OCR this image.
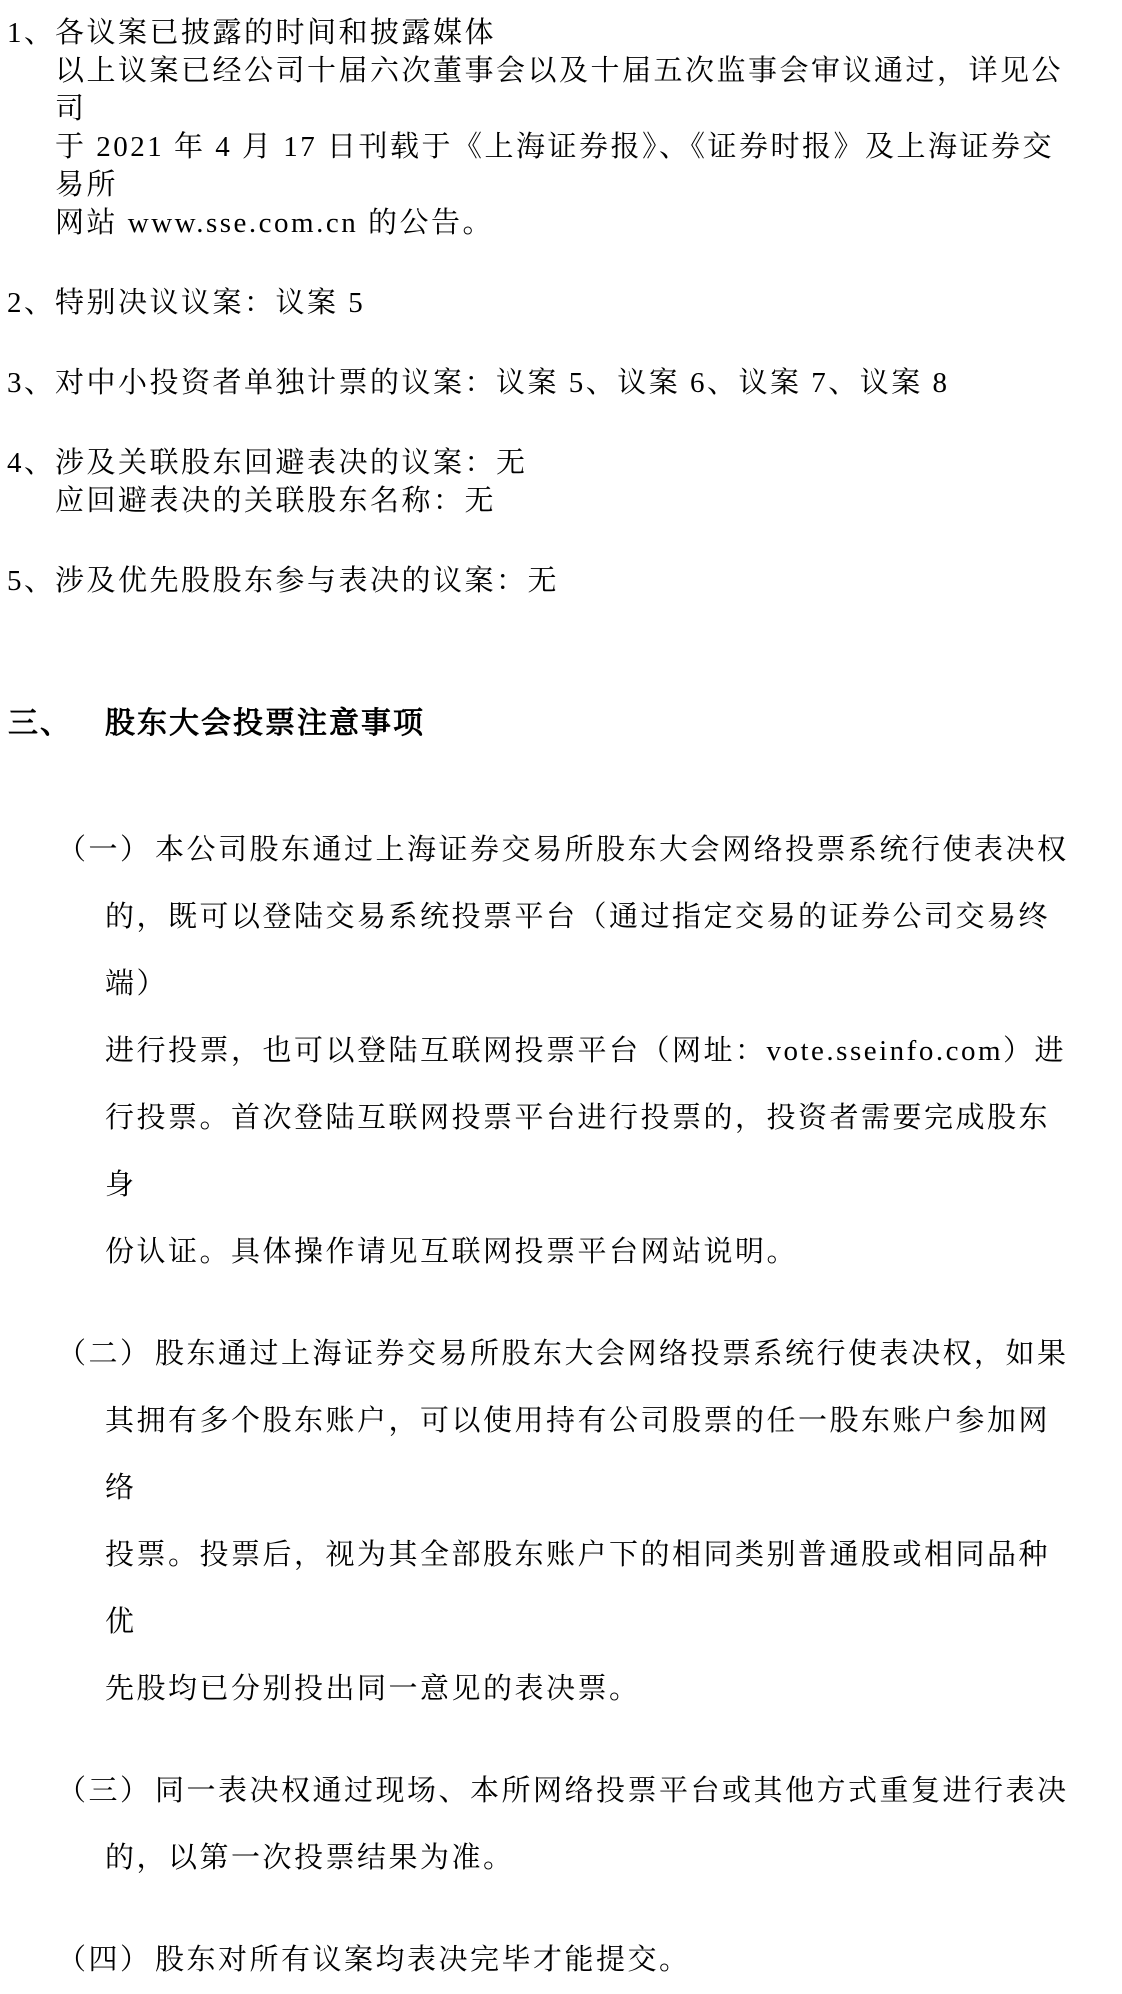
1、 各议案已披露的时间和披露媒体
以上议案已经公司十届六次董事会以及十届五次监事会审议通过，详见公司
于 2021 年 4 月 17 日刊载于《上海证券报》、《证券时报》及上海证券交易所
网站 www.sse.com.cn 的公告。
2、 特别决议议案：议案 5
3、 对中小投资者单独计票的议案：议案 5、议案 6、议案 7、议案 8
4、 涉及关联股东回避表决的议案：无
应回避表决的关联股东名称：无
5、 涉及优先股股东参与表决的议案：无
三、 股东大会投票注意事项
（一） 本公司股东通过上海证券交易所股东大会网络投票系统行使表决权
的，既可以登陆交易系统投票平台（通过指定交易的证券公司交易终端）
进行投票，也可以登陆互联网投票平台（网址：vote.sseinfo.com）进
行投票。首次登陆互联网投票平台进行投票的，投资者需要完成股东身
份认证。具体操作请见互联网投票平台网站说明。
（二） 股东通过上海证券交易所股东大会网络投票系统行使表决权，如果
其拥有多个股东账户，可以使用持有公司股票的任一股东账户参加网络
投票。投票后，视为其全部股东账户下的相同类别普通股或相同品种优
先股均已分别投出同一意见的表决票。
（三） 同一表决权通过现场、本所网络投票平台或其他方式重复进行表决
的，以第一次投票结果为准。
（四） 股东对所有议案均表决完毕才能提交。
